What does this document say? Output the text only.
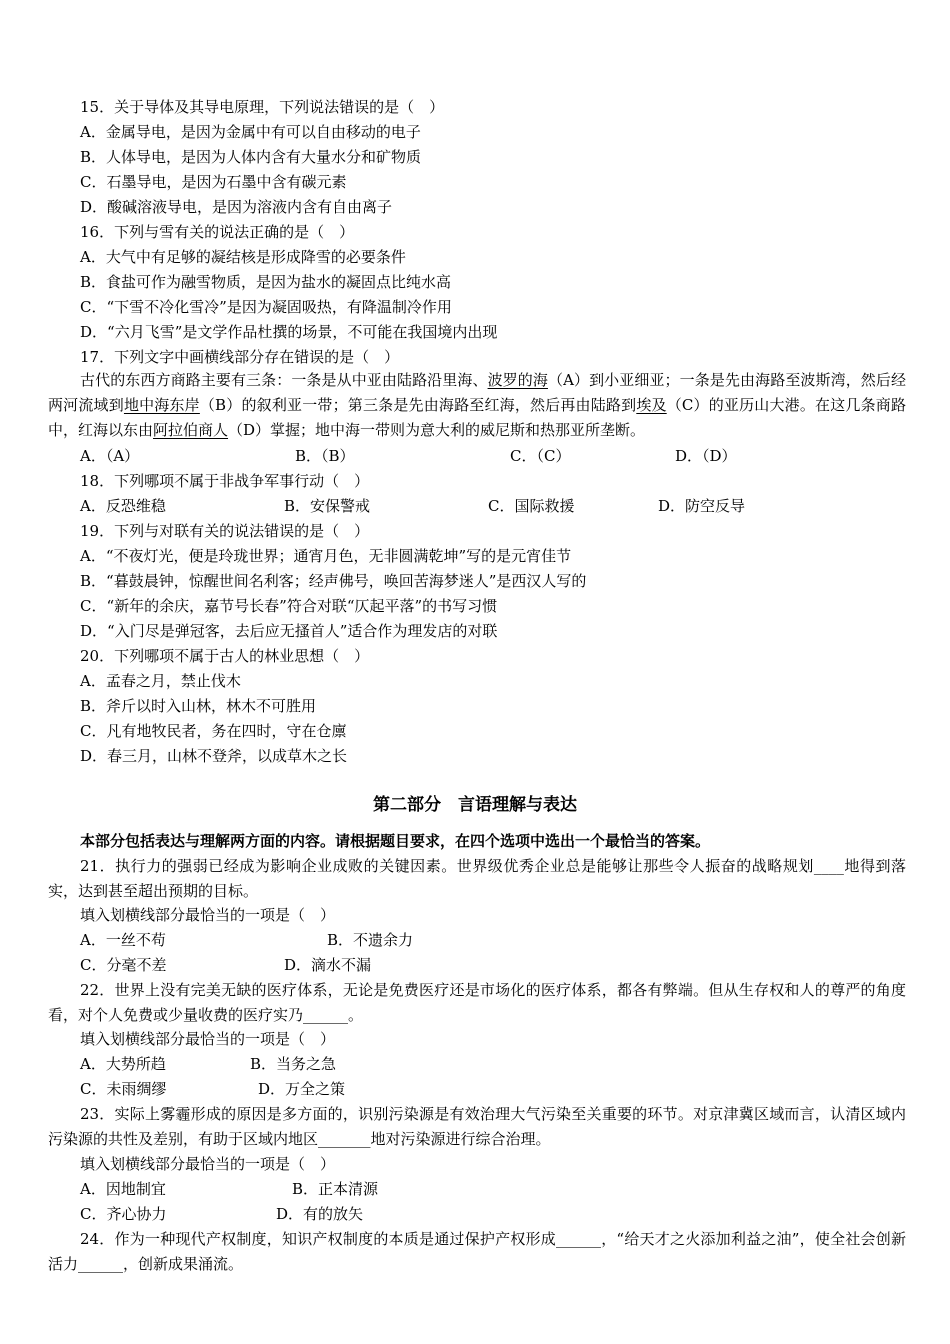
15．关于导体及其导电原理，下列说法错误的是（　）
A．金属导电，是因为金属中有可以自由移动的电子
B．人体导电，是因为人体内含有大量水分和矿物质
C．石墨导电，是因为石墨中含有碳元素
D．酸碱溶液导电，是因为溶液内含有自由离子
16．下列与雪有关的说法正确的是（　）
A．大气中有足够的凝结核是形成降雪的必要条件
B．食盐可作为融雪物质，是因为盐水的凝固点比纯水高
C．“下雪不冷化雪冷”是因为凝固吸热，有降温制冷作用
D．“六月飞雪”是文学作品杜撰的场景，不可能在我国境内出现
17．下列文字中画横线部分存在错误的是（　）
古代的东西方商路主要有三条：一条是从中亚由陆路沿里海、波罗的海（A）到小亚细亚；一条是先由海路至波斯湾，然后经两河流域到地中海东岸（B）的叙利亚一带；第三条是先由海路至红海，然后再由陆路到埃及（C）的亚历山大港。在这几条商路中，红海以东由阿拉伯商人（D）掌握；地中海一带则为意大利的威尼斯和热那亚所垄断。
A．（A）	B．（B）	C．（C）	D．（D）
18．下列哪项不属于非战争军事行动（　）
A．反恐维稳	B．安保警戒	C．国际救援	D．防空反导
19．下列与对联有关的说法错误的是（　）
A．“不夜灯光，便是玲珑世界；通宵月色，无非圆满乾坤”写的是元宵佳节
B．“暮鼓晨钟，惊醒世间名利客；经声佛号，唤回苦海梦迷人”是西汉人写的
C．“新年的余庆，嘉节号长春”符合对联“仄起平落”的书写习惯
D．“入门尽是弹冠客，去后应无搔首人”适合作为理发店的对联
20．下列哪项不属于古人的林业思想（　）
A．孟春之月，禁止伐木
B．斧斤以时入山林，林木不可胜用
C．凡有地牧民者，务在四时，守在仓廪
D．春三月，山林不登斧，以成草木之长
第二部分　言语理解与表达
本部分包括表达与理解两方面的内容。请根据题目要求，在四个选项中选出一个最恰当的答案。
21．执行力的强弱已经成为影响企业成败的关键因素。世界级优秀企业总是能够让那些令人振奋的战略规划____地得到落实，达到甚至超出预期的目标。
填入划横线部分最恰当的一项是（　）
A．一丝不苟	B．不遗余力
C．分毫不差	D．滴水不漏
22．世界上没有完美无缺的医疗体系，无论是免费医疗还是市场化的医疗体系，都各有弊端。但从生存权和人的尊严的角度看，对个人免费或少量收费的医疗实乃______。
填入划横线部分最恰当的一项是（　）
A．大势所趋	B．当务之急
C．未雨绸缪	D．万全之策
23．实际上雾霾形成的原因是多方面的，识别污染源是有效治理大气污染至关重要的环节。对京津冀区域而言，认清区域内污染源的共性及差别，有助于区域内地区_______地对污染源进行综合治理。
填入划横线部分最恰当的一项是（　）
A．因地制宜	B．正本清源
C．齐心协力	D．有的放矢
24．作为一种现代产权制度，知识产权制度的本质是通过保护产权形成______，“给天才之火添加利益之油”，使全社会创新活力______，创新成果涌流。
